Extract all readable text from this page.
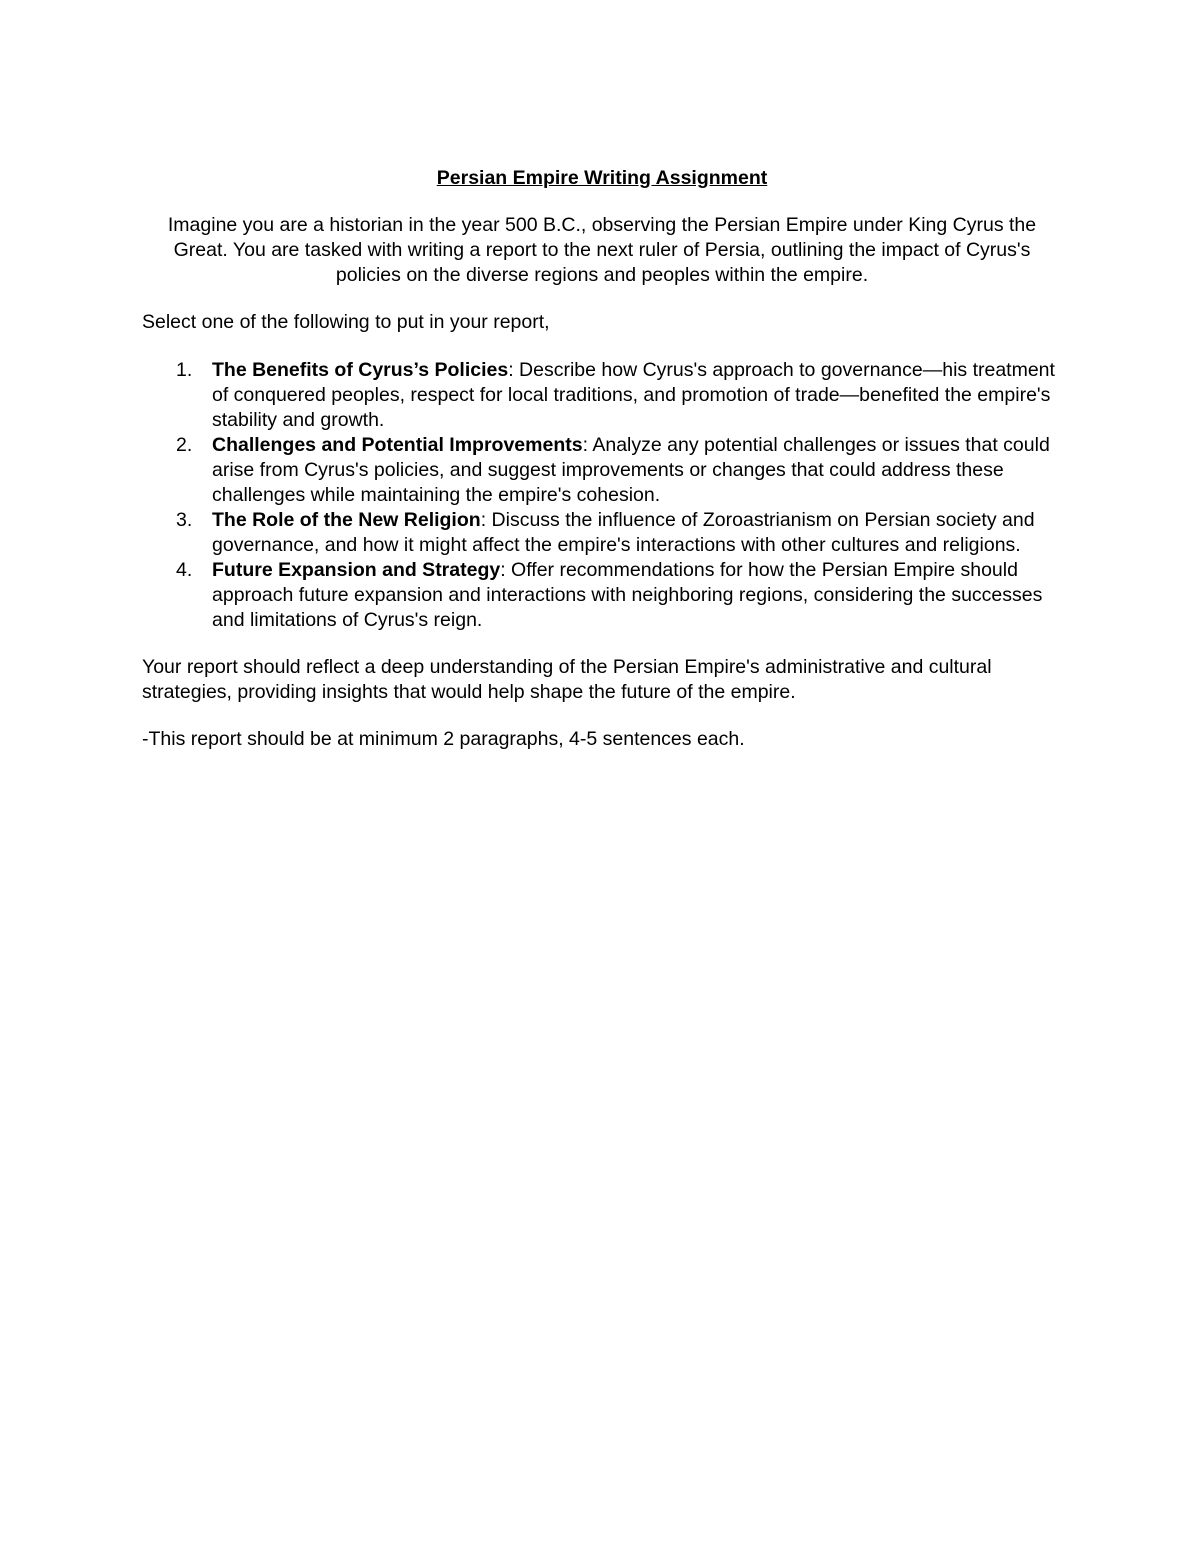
Persian Empire Writing Assignment

Imagine you are a historian in the year 500 B.C., observing the Persian Empire under King Cyrus the Great. You are tasked with writing a report to the next ruler of Persia, outlining the impact of Cyrus's policies on the diverse regions and peoples within the empire.

Select one of the following to put in your report,

1. The Benefits of Cyrus’s Policies: Describe how Cyrus's approach to governance—his treatment of conquered peoples, respect for local traditions, and promotion of trade—benefited the empire's stability and growth.
2. Challenges and Potential Improvements: Analyze any potential challenges or issues that could arise from Cyrus's policies, and suggest improvements or changes that could address these challenges while maintaining the empire's cohesion.
3. The Role of the New Religion: Discuss the influence of Zoroastrianism on Persian society and governance, and how it might affect the empire's interactions with other cultures and religions.
4. Future Expansion and Strategy: Offer recommendations for how the Persian Empire should approach future expansion and interactions with neighboring regions, considering the successes and limitations of Cyrus's reign.

Your report should reflect a deep understanding of the Persian Empire's administrative and cultural strategies, providing insights that would help shape the future of the empire.

-This report should be at minimum 2 paragraphs, 4-5 sentences each.
